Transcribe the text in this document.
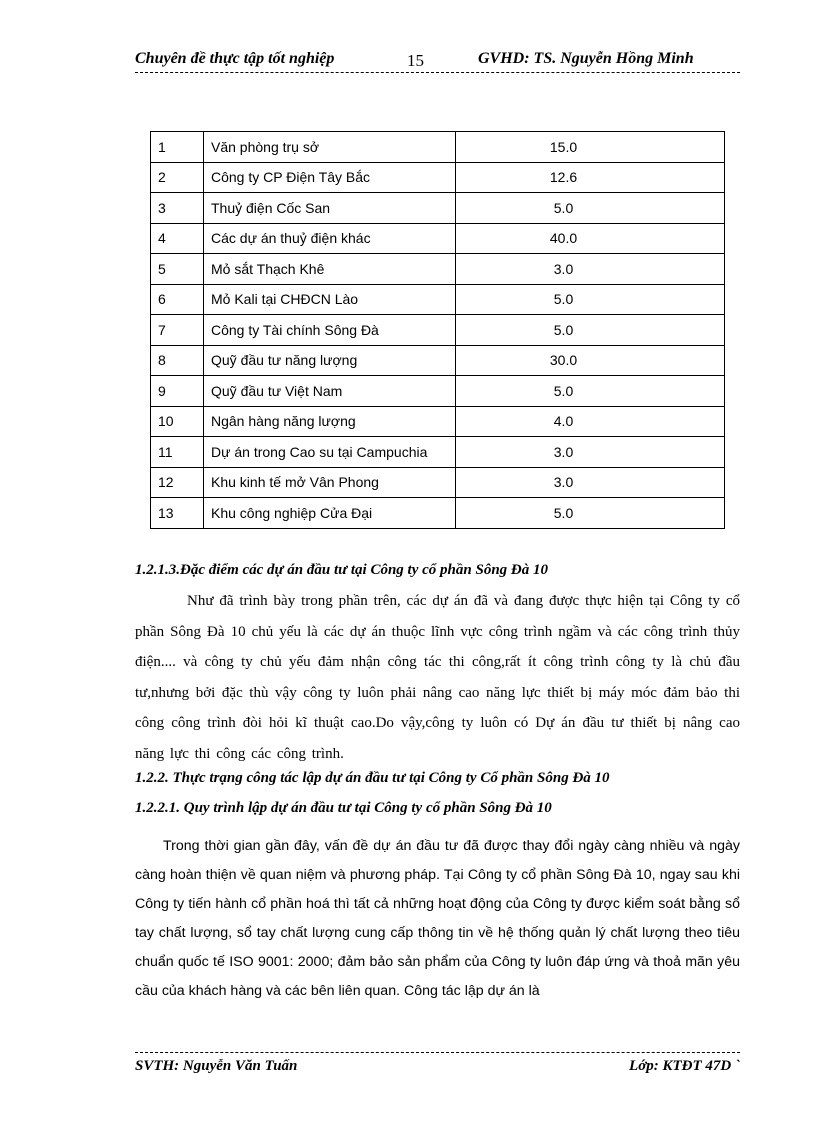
Chuyên đề thực tập tốt nghiệp	15	GVHD: TS. Nguyễn Hồng Minh
1	Văn phòng trụ sở	15.0
2	Công ty CP Điện Tây Bắc	12.6
3	Thuỷ điện Cốc San	5.0
4	Các dự án thuỷ điện khác	40.0
5	Mỏ sắt Thạch Khê	3.0
6	Mỏ Kali tại CHĐCN Lào	5.0
7	Công ty Tài chính Sông Đà	5.0
8	Quỹ đầu tư năng lượng	30.0
9	Quỹ đầu tư Việt Nam	5.0
10	Ngân hàng năng lượng	4.0
11	Dự án trong Cao su tại Campuchia	3.0
12	Khu kinh tế mở Vân Phong	3.0
13	Khu công nghiệp Cửa Đại	5.0
1.2.1.3.Đặc điểm các dự án đầu tư tại Công ty cổ phần Sông Đà 10

Như đã trình bày trong phần trên, các dự án đã và đang được thực hiện tại Công ty cổ phần Sông Đà 10 chủ yếu là các dự án thuộc lĩnh vực công trình ngầm và các công trình thủy điện.... và công ty chủ yếu đảm nhận công tác thi công,rất ít công trình công ty là chủ đầu tư,nhưng bởi đặc thù vậy công ty luôn phải nâng cao năng lực thiết bị máy móc đảm bảo thi công công trình đòi hỏi kĩ thuật cao.Do vậy,công ty luôn có Dự án đầu tư thiết bị nâng cao năng lực thi công các công trình.

1.2.2. Thực trạng công tác lập dự án đầu tư tại Công ty Cổ phần Sông Đà 10
1.2.2.1. Quy trình lập dự án đầu tư tại Công ty cổ phần Sông Đà 10

Trong thời gian gần đây, vấn đề dự án đầu tư đã được thay đổi ngày càng nhiều và ngày càng hoàn thiện về quan niệm và phương pháp. Tại Công ty cổ phần Sông Đà 10, ngay sau khi Công ty tiến hành cổ phần hoá thì tất cả những hoạt động của Công ty được kiểm soát bằng sổ tay chất lượng, sổ tay chất lượng cung cấp thông tin về hệ thống quản lý chất lượng theo tiêu chuẩn quốc tế ISO 9001: 2000; đảm bảo sản phẩm của Công ty luôn đáp ứng và thoả mãn yêu cầu của khách hàng và các bên liên quan. Công tác lập dự án là

SVTH: Nguyễn Văn Tuấn	Lớp: KTĐT 47D `
